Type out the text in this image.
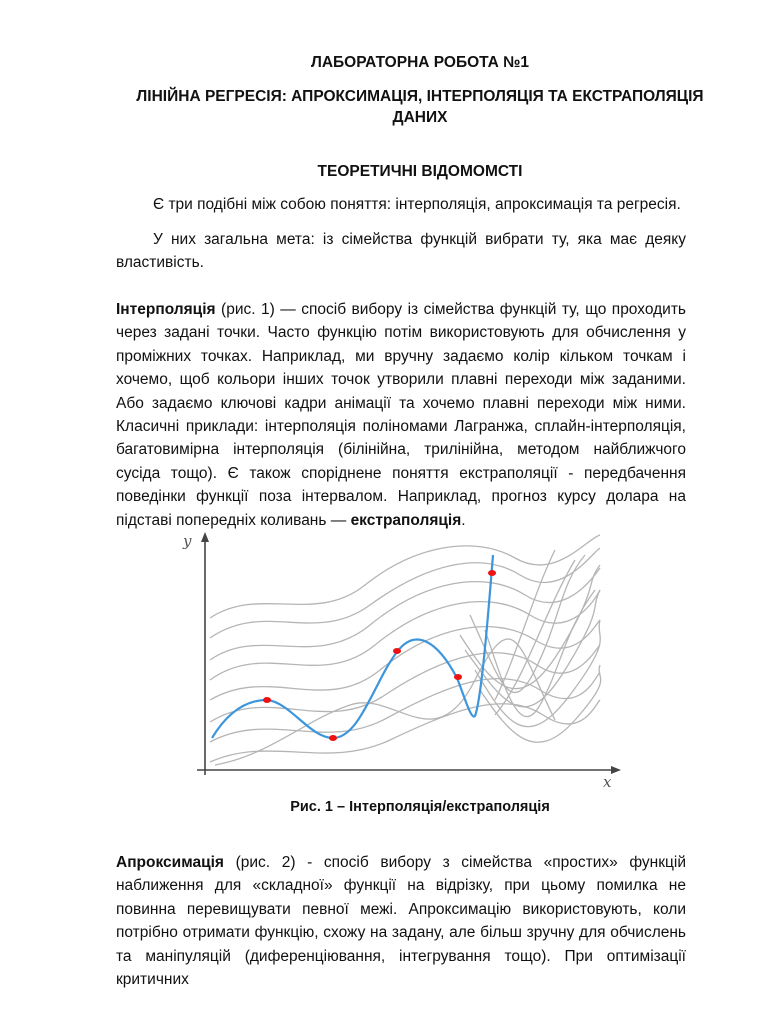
ЛАБОРАТОРНА РОБОТА №1
ЛІНІЙНА РЕГРЕСІЯ: АПРОКСИМАЦІЯ, ІНТЕРПОЛЯЦІЯ ТА ЕКСТРАПОЛЯЦІЯ
ДАНИХ
ТЕОРЕТИЧНІ ВІДОМОМСТІ
Є три подібні між собою поняття: інтерполяція, апроксимація та регресія.
У них загальна мета: із сімейства функцій вибрати ту, яка має деяку властивість.
Інтерполяція (рис. 1) — спосіб вибору із сімейства функцій ту, що проходить через задані точки. Часто функцію потім використовують для обчислення у проміжних точках. Наприклад, ми вручну задаємо колір кільком точкам і хочемо, щоб кольори інших точок утворили плавні переходи між заданими. Або задаємо ключові кадри анімації та хочемо плавні переходи між ними. Класичні приклади: інтерполяція поліномами Лагранжа, сплайн-інтерполяція, багатовимірна інтерполяція (білінійна, трилінійна, методом найближчого сусіда тощо). Є також споріднене поняття екстраполяції - передбачення поведінки функції поза інтервалом. Наприклад, прогноз курсу долара на підставі попередніх коливань — екстраполяція.
y
x
Рис. 1 – Інтерполяція/екстраполяція
Апроксимація (рис. 2) - спосіб вибору з сімейства «простих» функцій наближення для «складної» функції на відрізку, при цьому помилка не повинна перевищувати певної межі. Апроксимацію використовують, коли потрібно отримати функцію, схожу на задану, але більш зручну для обчислень та маніпуляцій (диференціювання, інтегрування тощо). При оптимізації критичних
